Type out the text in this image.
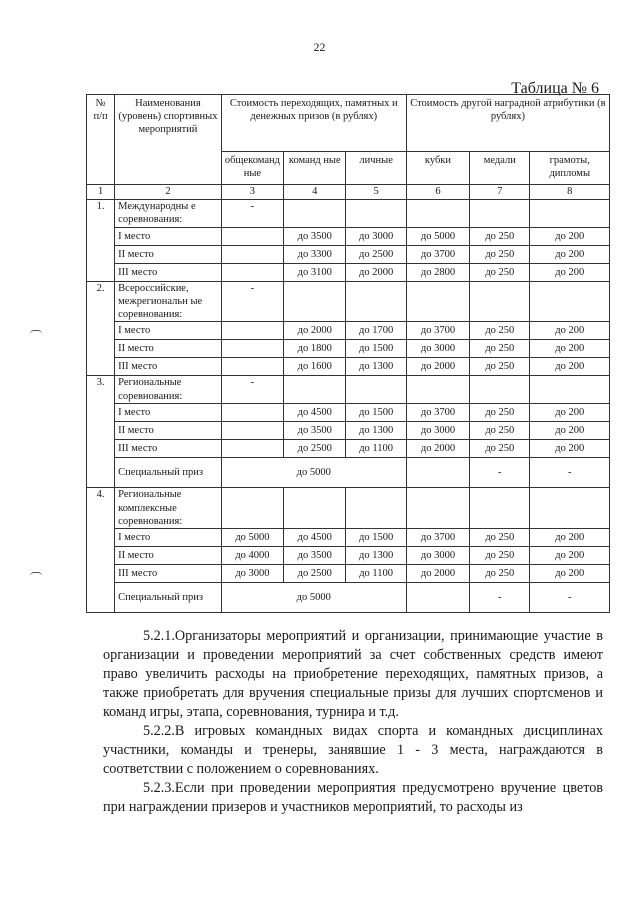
22
Таблица № 6
№ п/п	Наименования (уровень) спортивных мероприятий	Стоимость переходящих, памятных и денежных призов (в рублях)			Стоимость другой наградной атрибутики (в рублях)		
		общекоманд ные	команд ные	личные	кубки	медали	грамоты, дипломы
1	2	3	4	5	6	7	8
1.	Международны е соревнования:	-					
	I место		до 3500	до 3000	до 5000	до 250	до 200
	II место		до 3300	до 2500	до 3700	до 250	до 200
	III место		до 3100	до 2000	до 2800	до 250	до 200
2.	Всероссийские, межрегиональн ые соревнования:	-					
	I место		до 2000	до 1700	до 3700	до 250	до 200
	II место		до 1800	до 1500	до 3000	до 250	до 200
	III место		до 1600	до 1300	до 2000	до 250	до 200
3.	Региональные соревнования:	-					
	I место		до 4500	до 1500	до 3700	до 250	до 200
	II место		до 3500	до 1300	до 3000	до 250	до 200
	III место		до 2500	до 1100	до 2000	до 250	до 200
	Специальный приз	до 5000				-	-
4.	Региональные комплексные соревнования:						
	I место	до 5000	до 4500	до 1500	до 3700	до 250	до 200
	II место	до 4000	до 3500	до 1300	до 3000	до 250	до 200
	III место	до 3000	до 2500	до 1100	до 2000	до 250	до 200
	Специальный приз	до 5000				-	-

5.2.1.Организаторы мероприятий и организации, принимающие участие в организации и проведении мероприятий за счет собственных средств имеют право увеличить расходы на приобретение переходящих, памятных призов, а также приобретать для вручения специальные призы для лучших спортсменов и команд игры, этапа, соревнования, турнира и т.д.

5.2.2.В игровых командных видах спорта и командных дисциплинах участники, команды и тренеры, занявшие 1 - 3 места, награждаются в соответствии с положением о соревнованиях.

5.2.3.Если при проведении мероприятия предусмотрено вручение цветов при награждении призеров и участников мероприятий, то расходы из
